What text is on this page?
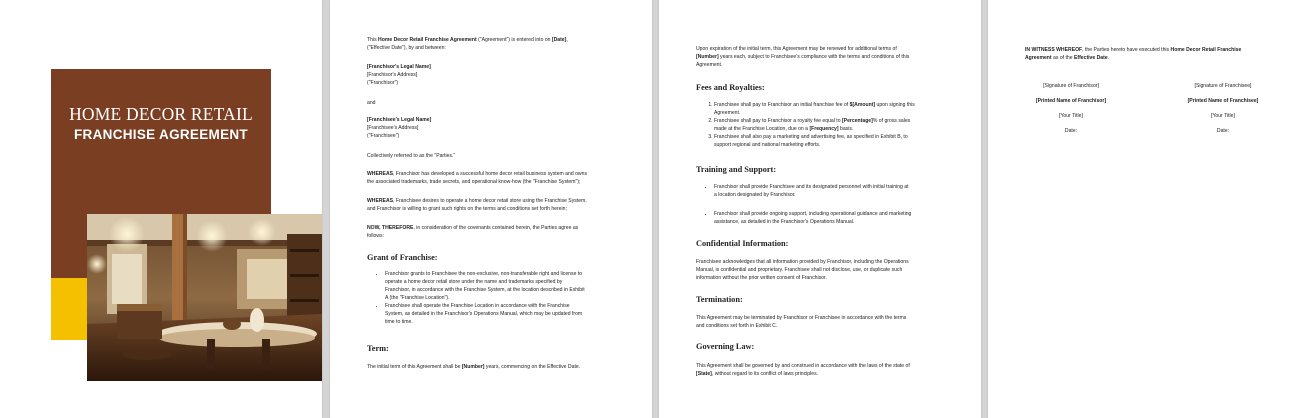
HOME DECOR RETAIL
FRANCHISE AGREEMENT

This Home Decor Retail Franchise Agreement ("Agreement") is entered into on [Date],

("Effective Date"), by and between:

[Franchisor's Legal Name]

[Franchisor's Address]

("Franchisor")

and

[Franchisee's Legal Name]

[Franchisee's Address]

("Franchisee")

Collectively referred to as the "Parties."

WHEREAS, Franchisor has developed a successful home decor retail business system and owns

the associated trademarks, trade secrets, and operational know-how (the "Franchise System");

WHEREAS, Franchisee desires to operate a home decor retail store using the Franchise System,

and Franchisor is willing to grant such rights on the terms and conditions set forth herein;

NOW, THEREFORE, in consideration of the covenants contained herein, the Parties agree as

follows:

Grant of Franchise:
• Franchisor grants to Franchisee the non-exclusive, non-transferable right and license to
operate a home decor retail store under the name and trademarks specified by
Franchisor, in accordance with the Franchise System, at the location described in Exhibit
A (the "Franchise Location").
• Franchisee shall operate the Franchise Location in accordance with the Franchise
System, as detailed in the Franchisor's Operations Manual, which may be updated from
time to time.
Term:
The initial term of this Agreement shall be [Number] years, commencing on the Effective Date.

Upon expiration of the initial term, this Agreement may be renewed for additional terms of

[Number] years each, subject to Franchisee's compliance with the terms and conditions of this

Agreement.

Fees and Royalties:
1. Franchisee shall pay to Franchisor an initial franchise fee of $[Amount] upon signing this
Agreement.
2. Franchisee shall pay to Franchisor a royalty fee equal to [Percentage]% of gross sales
made at the Franchise Location, due on a [Frequency] basis.
3. Franchisee shall also pay a marketing and advertising fee, as specified in Exhibit B, to
support regional and national marketing efforts.
Training and Support:
• Franchisor shall provide Franchisee and its designated personnel with initial training at
a location designated by Franchisor.
• Franchisor shall provide ongoing support, including operational guidance and marketing
assistance, as detailed in the Franchisor's Operations Manual.
Confidential Information:

Franchisee acknowledges that all information provided by Franchisor, including the Operations

Manual, is confidential and proprietary. Franchisee shall not disclose, use, or duplicate such

information without the prior written consent of Franchisor.

Termination:

This Agreement may be terminated by Franchisor or Franchisee in accordance with the terms

and conditions set forth in Exhibit C.

Governing Law:

This Agreement shall be governed by and construed in accordance with the laws of the state of

[State], without regard to its conflict of laws principles.

IN WITNESS WHEREOF, the Parties hereto have executed this Home Decor Retail Franchise

Agreement as of the Effective Date.

[Signature of Franchisor]
[Printed Name of Franchisor]
[Your Title]
Date:
[Signature of Franchisee]
[Printed Name of Franchisee]
[Your Title]
Date:
